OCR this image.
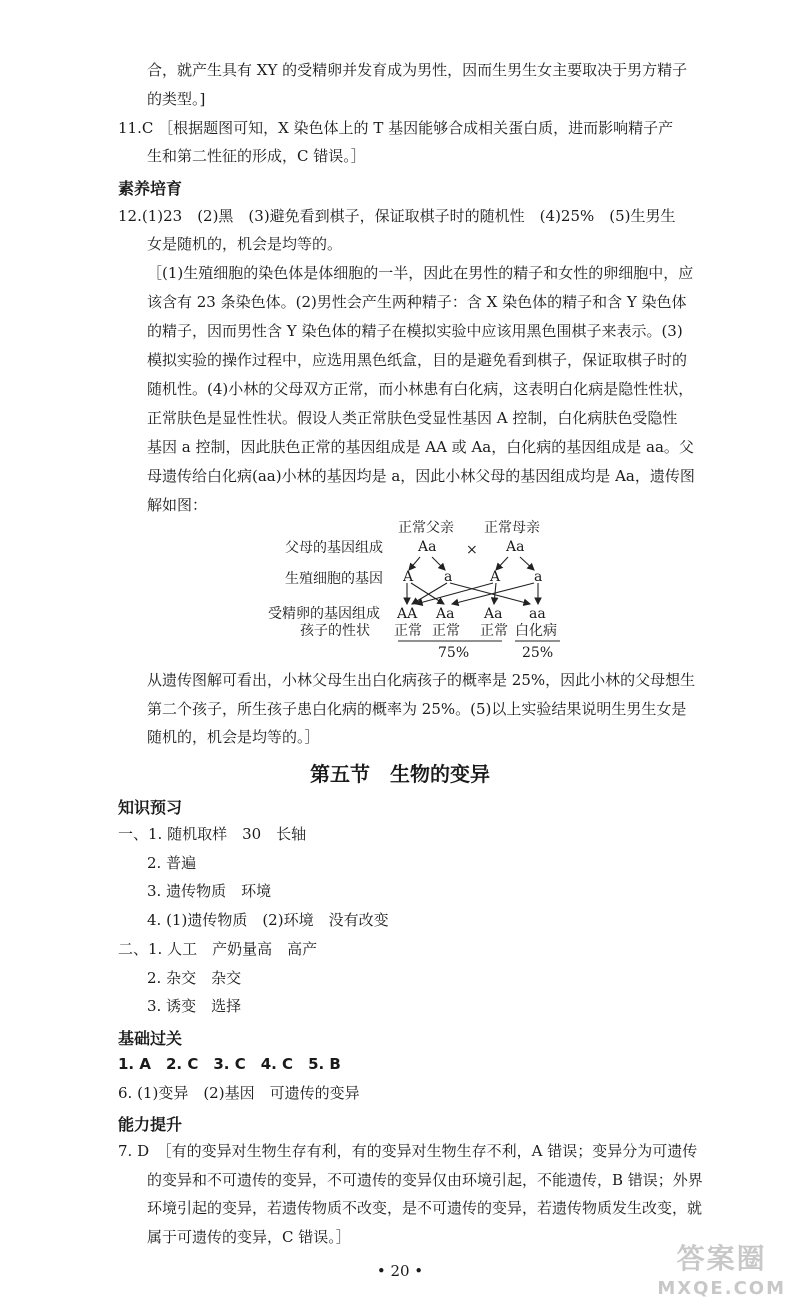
合，就产生具有 XY 的受精卵并发育成为男性，因而生男生女主要取决于男方精子
的类型。]
11.C ［根据题图可知，X 染色体上的 T 基因能够合成相关蛋白质，进而影响精子产
生和第二性征的形成，C 错误。］
素养培育
12.(1)23　(2)黑　(3)避免看到棋子，保证取棋子时的随机性　(4)25%　(5)生男生
女是随机的，机会是均等的。
［(1)生殖细胞的染色体是体细胞的一半，因此在男性的精子和女性的卵细胞中，应
该含有 23 条染色体。(2)男性会产生两种精子：含 X 染色体的精子和含 Y 染色体
的精子，因而男性含 Y 染色体的精子在模拟实验中应该用黑色围棋子来表示。(3)
模拟实验的操作过程中，应选用黑色纸盒，目的是避免看到棋子，保证取棋子时的
随机性。(4)小林的父母双方正常，而小林患有白化病，这表明白化病是隐性性状，
正常肤色是显性性状。假设人类正常肤色受显性基因 A 控制，白化病肤色受隐性
基因 a 控制，因此肤色正常的基因组成是 AA 或 Aa，白化病的基因组成是 aa。父
母遗传给白化病(aa)小林的基因均是 a，因此小林父母的基因组成均是 Aa，遗传图
解如图：
正常父亲 正常母亲
父母的基因组成	Aa × Aa
生殖细胞的基因 A a	A a
受精卵的基因组成 AA Aa Aa aa
孩子的性状 正常 正常 正常 白化病
75%	25%
从遗传图解可看出，小林父母生出白化病孩子的概率是 25%，因此小林的父母想生
第二个孩子，所生孩子患白化病的概率为 25%。(5)以上实验结果说明生男生女是
随机的，机会是均等的。］
第五节　生物的变异
知识预习
一、1. 随机取样　30　长轴
2. 普遍
3. 遗传物质　环境
4. (1)遗传物质　(2)环境　没有改变
二、1. 人工　产奶量高　高产
2. 杂交　杂交
3. 诱变　选择
基础过关
1. A　2. C　3. C　4. C　5. B
6. (1)变异　(2)基因　可遗传的变异
能力提升
7. D　［有的变异对生物生存有利，有的变异对生物生存不利，A 错误；变异分为可遗传
的变异和不可遗传的变异，不可遗传的变异仅由环境引起，不能遗传，B 错误；外界
环境引起的变异，若遗传物质不改变，是不可遗传的变异，若遗传物质发生改变，就
属于可遗传的变异，C 错误。］
• 20 •	答案圈
MXQE.COM
